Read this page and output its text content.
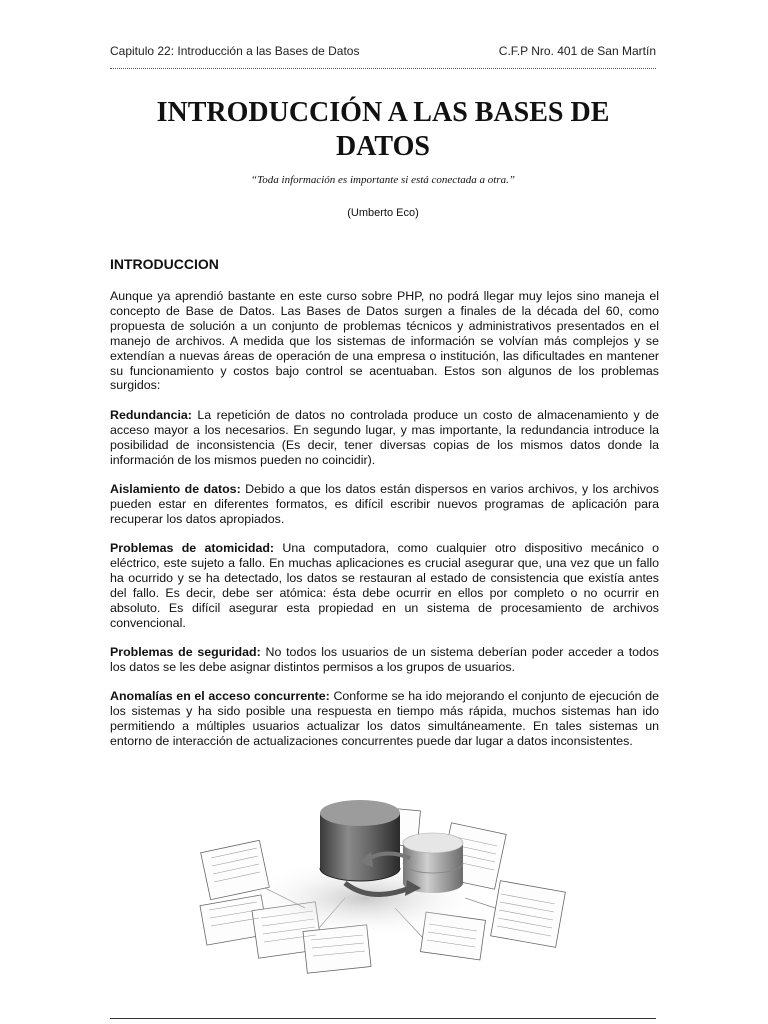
Capitulo 22: Introducción a las Bases de Datos	C.F.P Nro. 401 de San Martín
INTRODUCCIÓN A LAS BASES DE DATOS
“Toda información es importante si está conectada a otra.”
(Umberto Eco)
INTRODUCCION

Aunque ya aprendió bastante en este curso sobre PHP, no podrá llegar muy lejos sino maneja el concepto de Base de Datos. Las Bases de Datos surgen a finales de la década del 60, como propuesta de solución a un conjunto de problemas técnicos y administrativos presentados en el manejo de archivos. A medida que los sistemas de información se volvían más complejos y se extendían a nuevas áreas de operación de una empresa o institución, las dificultades en mantener su funcionamiento y costos bajo control se acentuaban. Estos son algunos de los problemas surgidos:

Redundancia: La repetición de datos no controlada produce un costo de almacenamiento y de acceso mayor a los necesarios. En segundo lugar, y mas importante, la redundancia introduce la posibilidad de inconsistencia (Es decir, tener diversas copias de los mismos datos donde la información de los mismos pueden no coincidir).

Aislamiento de datos: Debido a que los datos están dispersos en varios archivos, y los archivos pueden estar en diferentes formatos, es difícil escribir nuevos programas de aplicación para recuperar los datos apropiados.

Problemas de atomicidad: Una computadora, como cualquier otro dispositivo mecánico o eléctrico, este sujeto a fallo. En muchas aplicaciones es crucial asegurar que, una vez que un fallo ha ocurrido y se ha detectado, los datos se restauran al estado de consistencia que existía antes del fallo. Es decir, debe ser atómica: ésta debe ocurrir en ellos por completo o no ocurrir en absoluto. Es difícil asegurar esta propiedad en un sistema de procesamiento de archivos convencional.

Problemas de seguridad: No todos los usuarios de un sistema deberían poder acceder a todos los datos se les debe asignar distintos permisos a los grupos de usuarios.

Anomalías en el acceso concurrente: Conforme se ha ido mejorando el conjunto de ejecución de los sistemas y ha sido posible una respuesta en tiempo más rápida, muchos sistemas han ido permitiendo a múltiples usuarios actualizar los datos simultáneamente. En tales sistemas un entorno de interacción de actualizaciones concurrentes puede dar lugar a datos inconsistentes.
